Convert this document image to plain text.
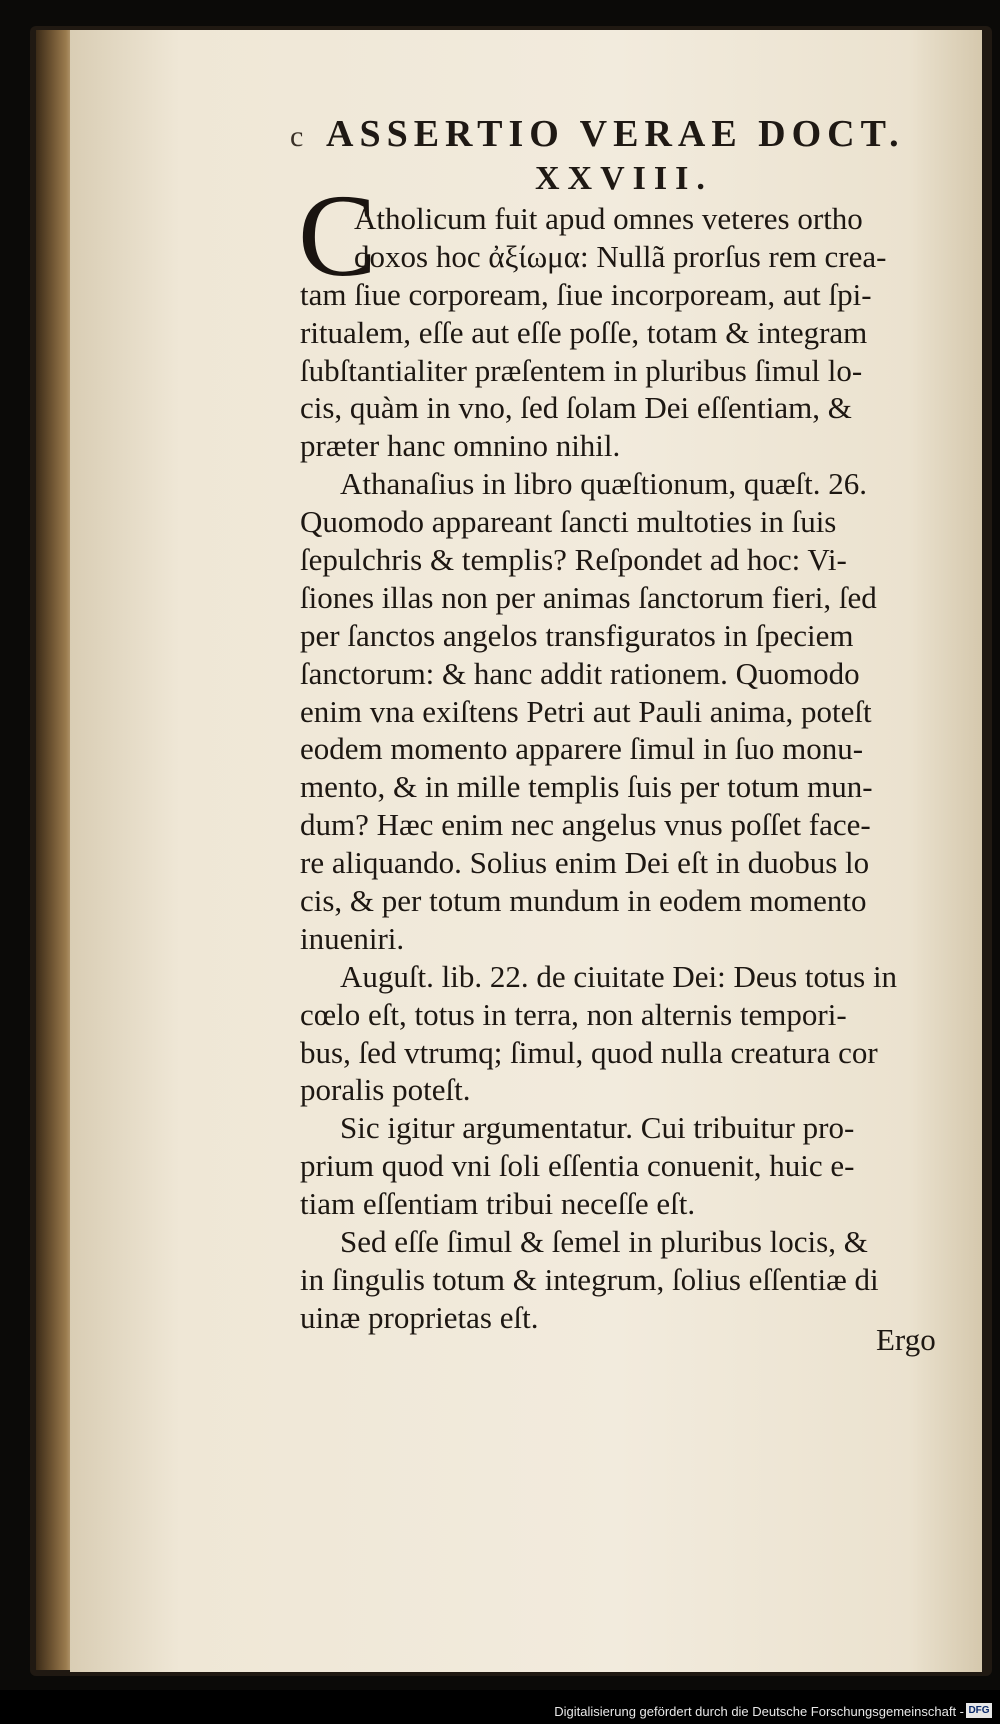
c ASSERTIO VERAE DOCT.
XXVIII.
C
Atholicum fuit apud omnes veteres ortho
doxos hoc ἀξίωμα: Nullã prorſus rem crea-
tam ſiue corpoream, ſiue incorpoream, aut ſpi-
ritualem, eſſe aut eſſe poſſe, totam & integram
ſubſtantialiter præſentem in pluribus ſimul lo-
cis, quàm in vno, ſed ſolam Dei eſſentiam, &
præter hanc omnino nihil.
Athanaſius in libro quæſtionum, quæſt. 26.
Quomodo appareant ſancti multoties in ſuis
ſepulchris & templis? Reſpondet ad hoc: Vi-
ſiones illas non per animas ſanctorum fieri, ſed
per ſanctos angelos transfiguratos in ſpeciem
ſanctorum: & hanc addit rationem. Quomodo
enim vna exiſtens Petri aut Pauli anima, poteſt
eodem momento apparere ſimul in ſuo monu-
mento, & in mille templis ſuis per totum mun-
dum? Hæc enim nec angelus vnus poſſet face-
re aliquando. Solius enim Dei eſt in duobus lo
cis, & per totum mundum in eodem momento
inueniri.
Auguſt. lib. 22. de ciuitate Dei: Deus totus in
cœlo eſt, totus in terra, non alternis tempori-
bus, ſed vtrumq; ſimul, quod nulla creatura cor
poralis poteſt.
Sic igitur argumentatur. Cui tribuitur pro-
prium quod vni ſoli eſſentia conuenit, huic e-
tiam eſſentiam tribui neceſſe eſt.
Sed eſſe ſimul & ſemel in pluribus locis, &
in ſingulis totum & integrum, ſolius eſſentiæ di
uinæ proprietas eſt.
Ergo
Digitalisierung gefördert durch die Deutsche Forschungsgemeinschaft - DFG
